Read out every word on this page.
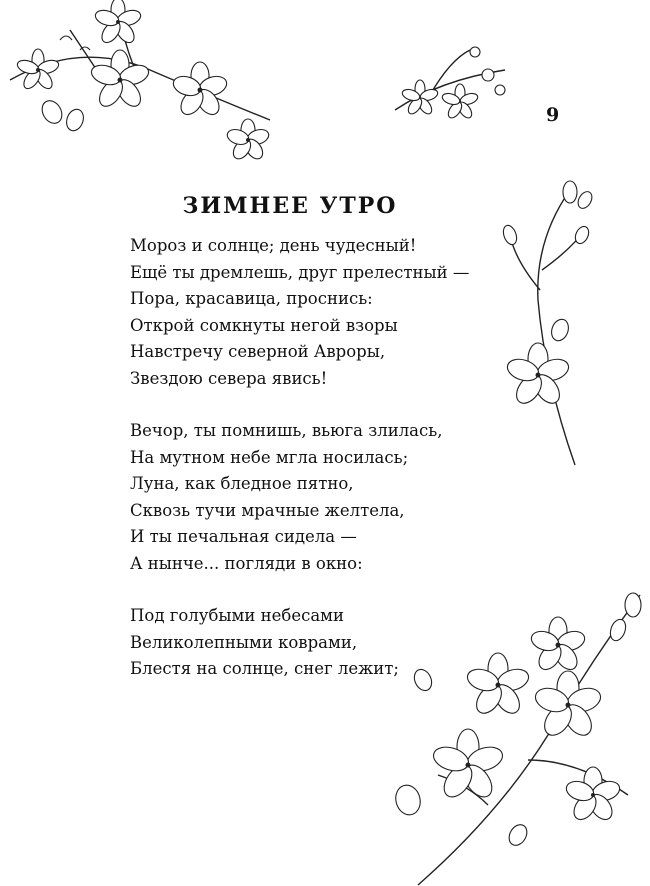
9
ЗИМНЕЕ УТРО
Мороз и солнце; день чудесный!
Ещё ты дремлешь, друг прелестный —
Пора, красавица, проснись:
Открой сомкнуты негой взоры
Навстречу северной Авроры,
Звездою севера явись!
Вечор, ты помнишь, вьюга злилась,
На мутном небе мгла носилась;
Луна, как бледное пятно,
Сквозь тучи мрачные желтела,
И ты печальная сидела —
А нынче... погляди в окно:
Под голубыми небесами
Великолепными коврами,
Блестя на солнце, снег лежит;
